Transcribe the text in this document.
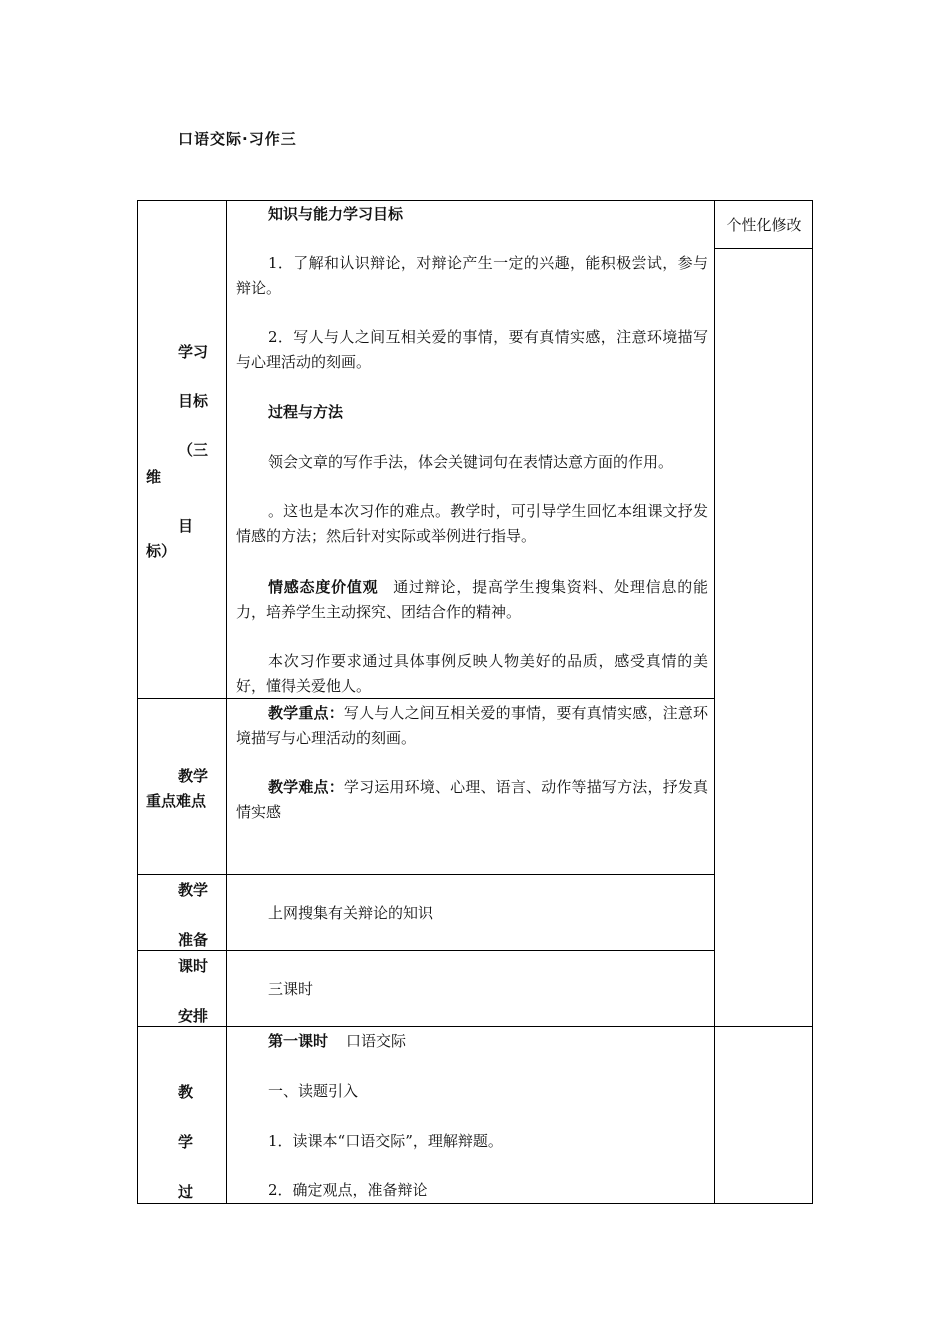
口语交际·习作三
个性化修改
学习
目标
（三
维
目
标）
知识与能力学习目标
1．了解和认识辩论，对辩论产生一定的兴趣，能积极尝试，参与辩论。
2．写人与人之间互相关爱的事情，要有真情实感，注意环境描写与心理活动的刻画。
过程与方法
领会文章的写作手法，体会关键词句在表情达意方面的作用。
。这也是本次习作的难点。教学时，可引导学生回忆本组课文抒发情感的方法；然后针对实际或举例进行指导。
情感态度价值观 通过辩论，提高学生搜集资料、处理信息的能力，培养学生主动探究、团结合作的精神。
本次习作要求通过具体事例反映人物美好的品质，感受真情的美好，懂得关爱他人。
教学
重点难点
教学重点：写人与人之间互相关爱的事情，要有真情实感，注意环境描写与心理活动的刻画。
教学难点：学习运用环境、心理、语言、动作等描写方法，抒发真情实感
教学
准备
上网搜集有关辩论的知识
课时
安排
三课时
教
学
过
第一课时 口语交际
一、读题引入
1．读课本“口语交际”，理解辩题。
2．确定观点，准备辩论
